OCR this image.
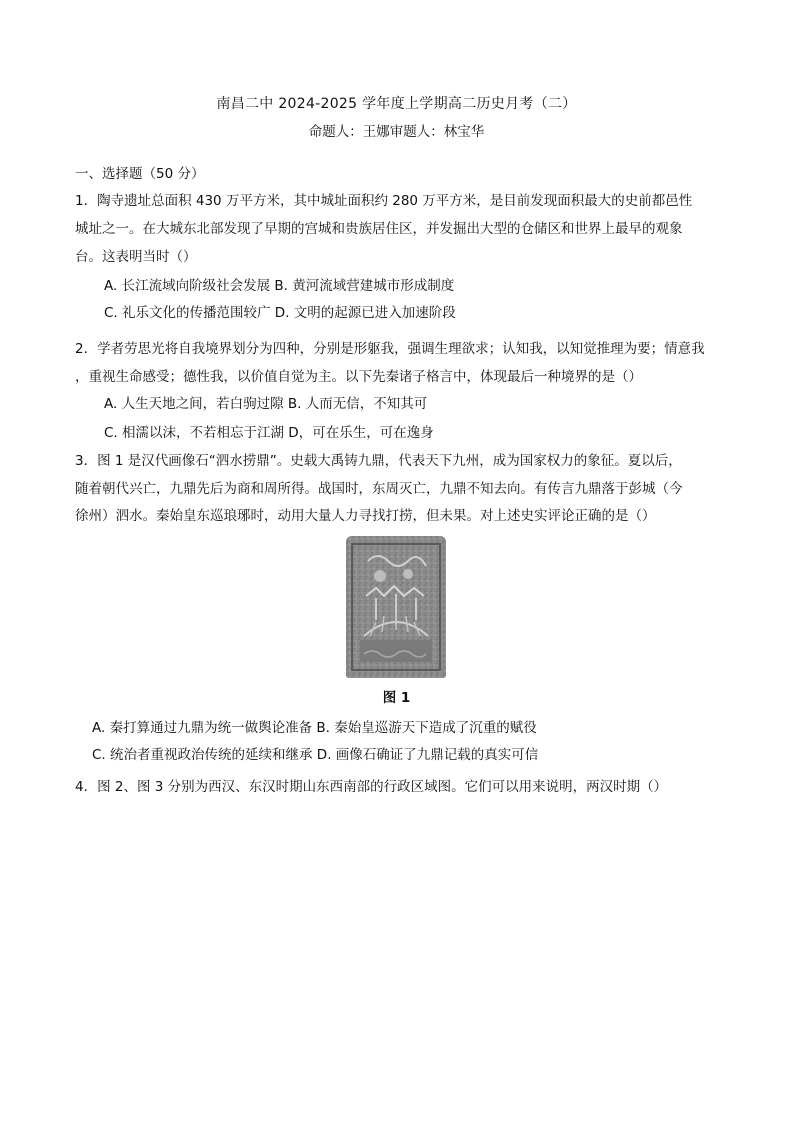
南昌二中 2024-2025 学年度上学期高二历史月考（二）
命题人：王娜审题人：林宝华
一、选择题（50 分）
1．陶寺遗址总面积 430 万平方米，其中城址面积约 280 万平方米，是目前发现面积最大的史前都邑性
城址之一。在大城东北部发现了早期的宫城和贵族居住区，并发掘出大型的仓储区和世界上最早的观象
台。这表明当时（）
A. 长江流域向阶级社会发展 B. 黄河流域营建城市形成制度
C. 礼乐文化的传播范围较广 D. 文明的起源已进入加速阶段
2．学者劳思光将自我境界划分为四种，分别是形躯我，强调生理欲求；认知我，以知觉推理为要；情意我
，重视生命感受；德性我，以价值自觉为主。以下先秦诸子格言中，体现最后一种境界的是（）
A. 人生天地之间，若白驹过隙 B. 人而无信，不知其可
C. 相濡以沫，不若相忘于江湖 D，可在乐生，可在逸身
3．图 1 是汉代画像石“泗水捞鼎”。史载大禹铸九鼎，代表天下九州，成为国家权力的象征。夏以后，
随着朝代兴亡，九鼎先后为商和周所得。战国时，东周灭亡，九鼎不知去向。有传言九鼎落于彭城（今
徐州）泗水。秦始皇东巡琅琊时，动用大量人力寻找打捞，但未果。对上述史实评论正确的是（）
图 1
A. 秦打算通过九鼎为统一做舆论准备 B. 秦始皇巡游天下造成了沉重的赋役
C. 统治者重视政治传统的延续和继承 D. 画像石确证了九鼎记载的真实可信
4．图 2、图 3 分别为西汉、东汉时期山东西南部的行政区域图。它们可以用来说明，两汉时期（）
